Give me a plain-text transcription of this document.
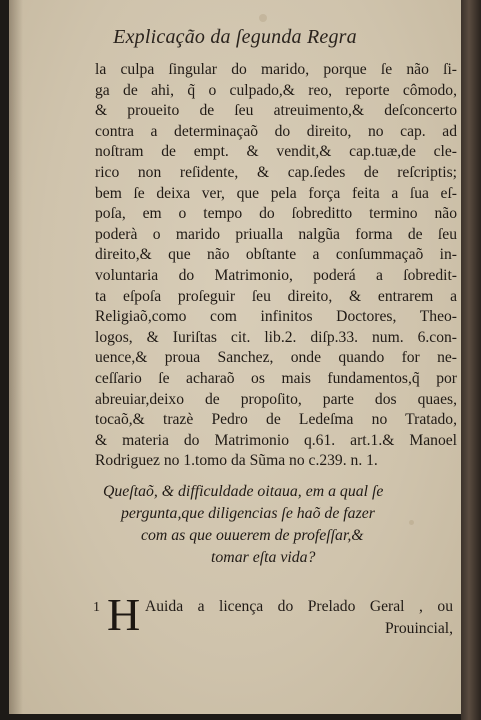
Explicação da ſegunda Regra
la culpa ſingular do marido, porque ſe não ſi-
ga de ahi, q̃ o culpado,& reo, reporte cômodo,
& proueito de ſeu atreuimento,& deſconcerto
contra a determinaçaõ do direito, no cap. ad
noſtram de empt. & vendit,& cap.tuæ,de cle-
rico non reſidente, & cap.ſedes de reſcriptis;
bem ſe deixa ver, que pela força feita a ſua eſ-
poſa, em o tempo do ſobreditto termino não
poderà o marido priualla nalgũa forma de ſeu
direito,& que não obſtante a conſummaçaõ in-
voluntaria do Matrimonio, poderá a ſobredit-
ta eſpoſa proſeguir ſeu direito, & entrarem a
Religiaõ,como com infinitos Doctores, Theo-
logos, & Iuriſtas cit. lib.2. diſp.33. num. 6.con-
uence,& proua Sanchez, onde quando for ne-
ceſſario ſe acharaõ os mais fundamentos,q̃ por
abreuiar,deixo de propoſito, parte dos quaes,
tocaõ,& trazè Pedro de Ledeſma no Tratado,
& materia do Matrimonio q.61. art.1.& Manoel
Rodriguez no 1.tomo da Sũma no c.239. n. 1.
Queſtaõ, & difficuldade oitaua, em a qual ſe
pergunta,que diligencias ſe haõ de fazer
com as que ouuerem de profeſſar,&
tomar eſta vida?
1 H Auida a licença do Prelado Geral , ou
Prouincial,
